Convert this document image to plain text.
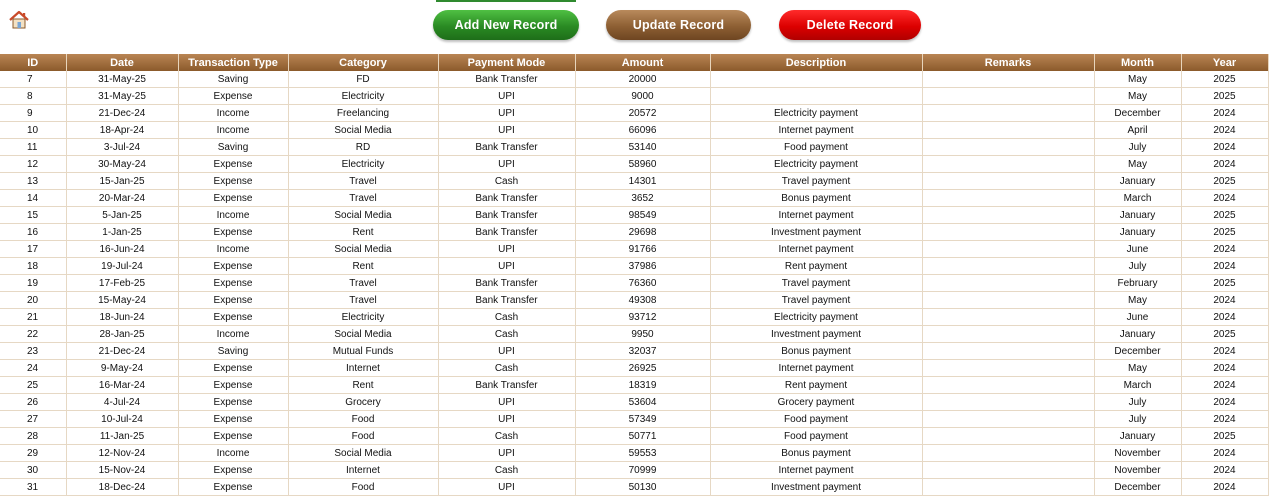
Add New Record	Update Record	Delete Record
ID	Date	Transaction Type	Category	Payment Mode	Amount	Description	Remarks	Month	Year
7	31-May-25	Saving	FD	Bank Transfer	20000			May	2025
8	31-May-25	Expense	Electricity	UPI	9000			May	2025
9	21-Dec-24	Income	Freelancing	UPI	20572	Electricity payment		December	2024
10	18-Apr-24	Income	Social Media	UPI	66096	Internet payment		April	2024
11	3-Jul-24	Saving	RD	Bank Transfer	53140	Food payment		July	2024
12	30-May-24	Expense	Electricity	UPI	58960	Electricity payment		May	2024
13	15-Jan-25	Expense	Travel	Cash	14301	Travel payment		January	2025
14	20-Mar-24	Expense	Travel	Bank Transfer	3652	Bonus payment		March	2024
15	5-Jan-25	Income	Social Media	Bank Transfer	98549	Internet payment		January	2025
16	1-Jan-25	Expense	Rent	Bank Transfer	29698	Investment payment		January	2025
17	16-Jun-24	Income	Social Media	UPI	91766	Internet payment		June	2024
18	19-Jul-24	Expense	Rent	UPI	37986	Rent payment		July	2024
19	17-Feb-25	Expense	Travel	Bank Transfer	76360	Travel payment		February	2025
20	15-May-24	Expense	Travel	Bank Transfer	49308	Travel payment		May	2024
21	18-Jun-24	Expense	Electricity	Cash	93712	Electricity payment		June	2024
22	28-Jan-25	Income	Social Media	Cash	9950	Investment payment		January	2025
23	21-Dec-24	Saving	Mutual Funds	UPI	32037	Bonus payment		December	2024
24	9-May-24	Expense	Internet	Cash	26925	Internet payment		May	2024
25	16-Mar-24	Expense	Rent	Bank Transfer	18319	Rent payment		March	2024
26	4-Jul-24	Expense	Grocery	UPI	53604	Grocery payment		July	2024
27	10-Jul-24	Expense	Food	UPI	57349	Food payment		July	2024
28	11-Jan-25	Expense	Food	Cash	50771	Food payment		January	2025
29	12-Nov-24	Income	Social Media	UPI	59553	Bonus payment		November	2024
30	15-Nov-24	Expense	Internet	Cash	70999	Internet payment		November	2024
31	18-Dec-24	Expense	Food	UPI	50130	Investment payment		December	2024
